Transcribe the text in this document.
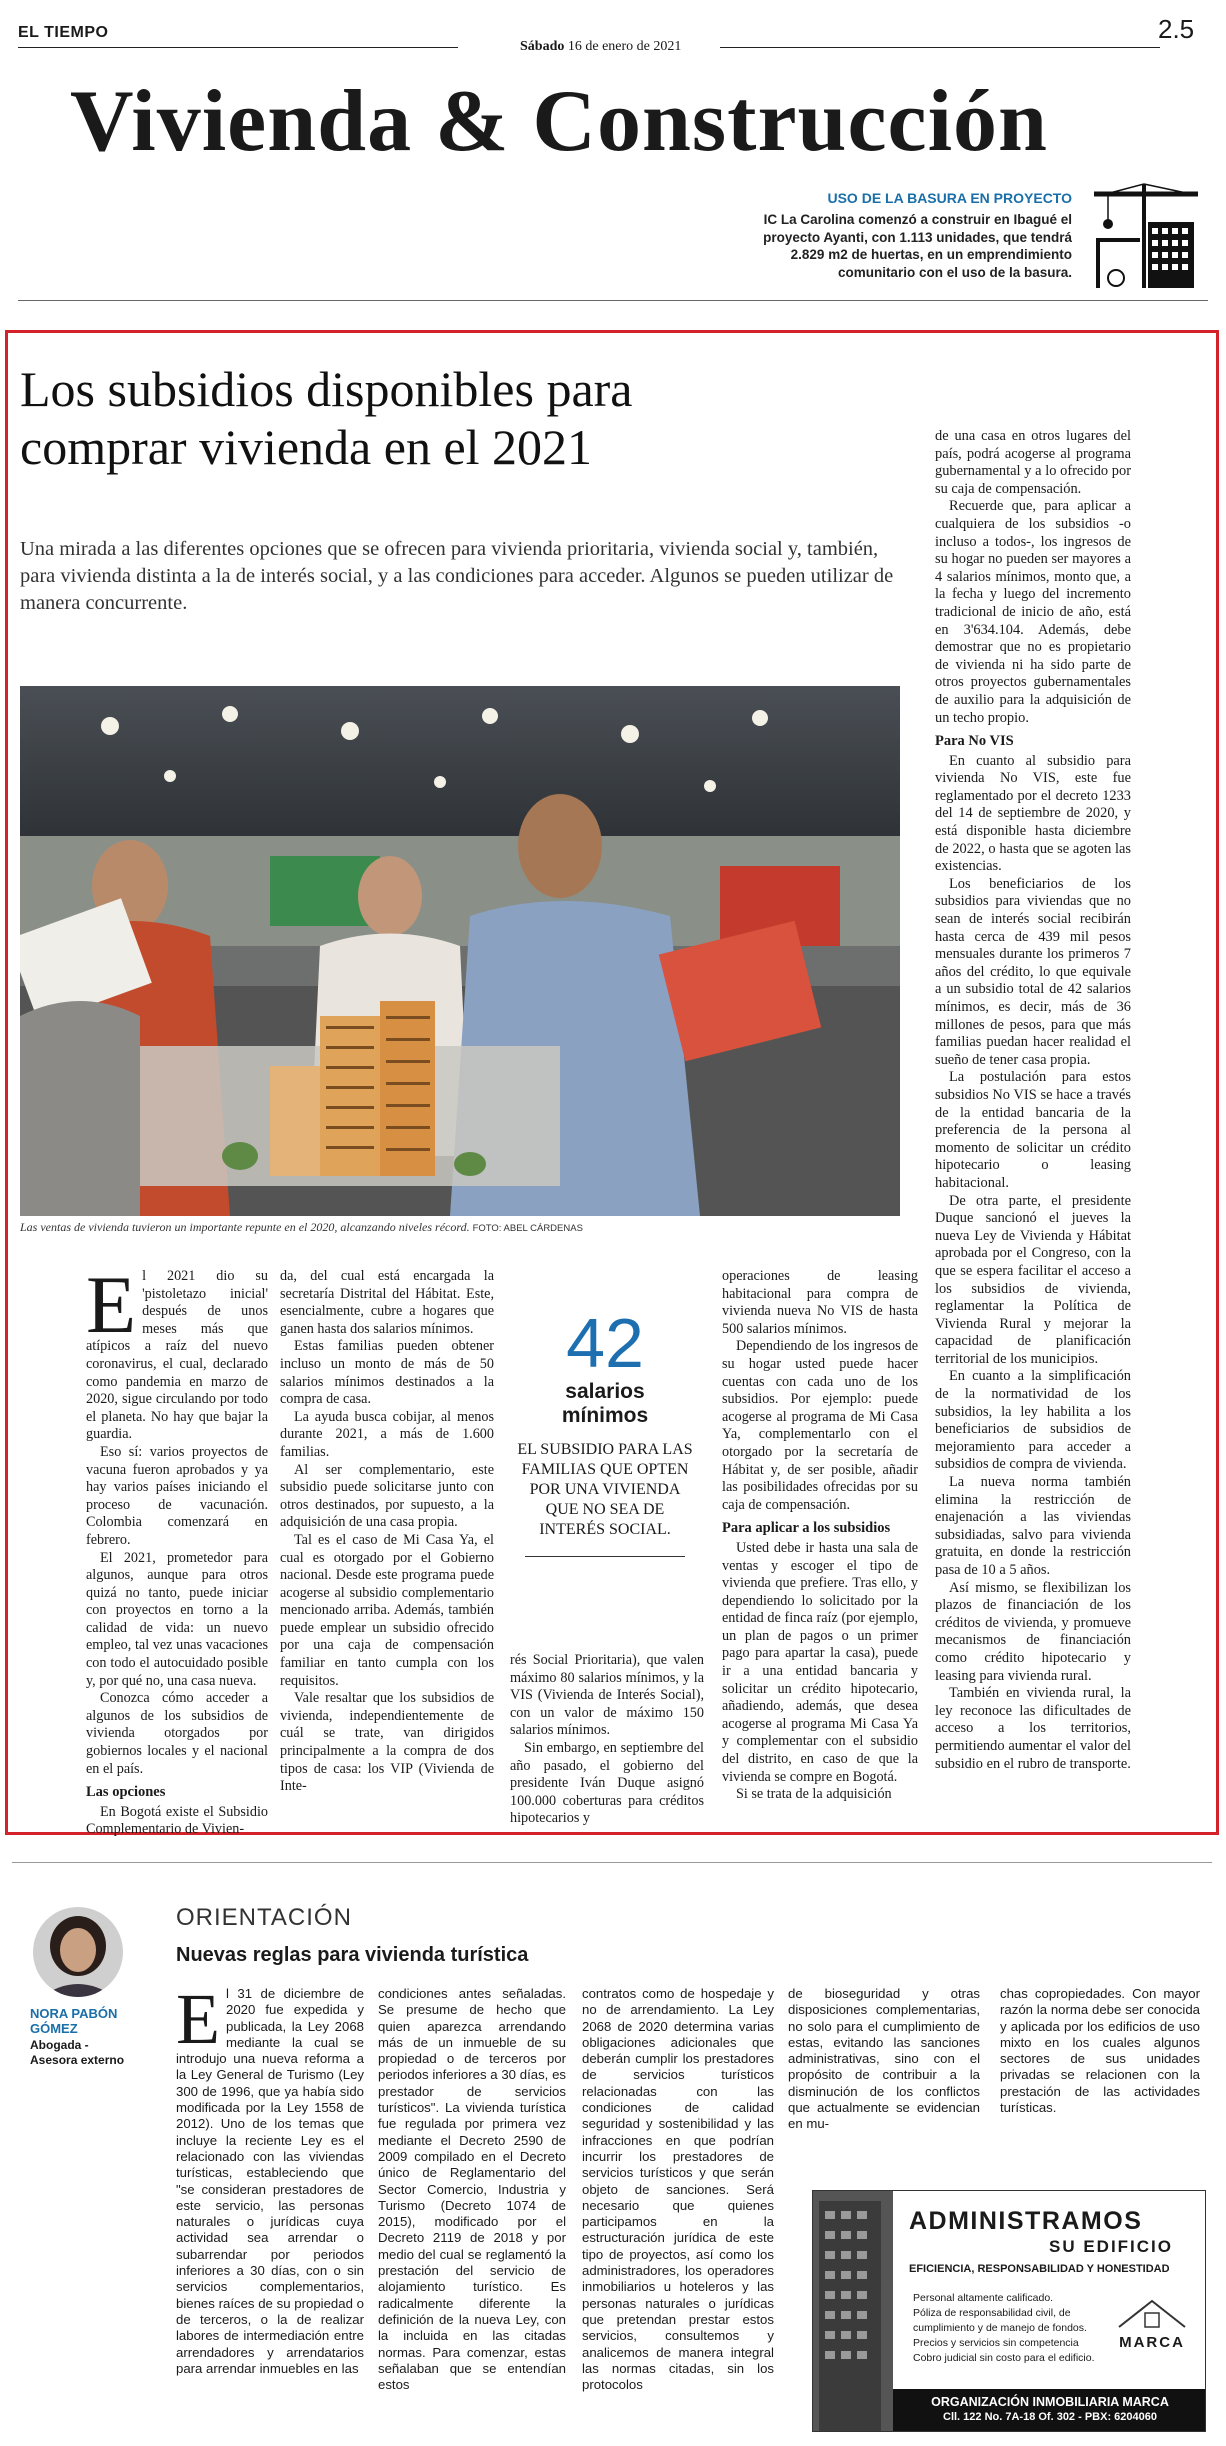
EL TIEMPO
Sábado 16 de enero de 2021
2.5
Vivienda & Construcción
USO DE LA BASURA EN PROYECTO
IC La Carolina comenzó a construir en Ibagué el proyecto Ayanti, con 1.113 unidades, que tendrá 2.829 m2 de huertas, en un emprendimiento comunitario con el uso de la basura.
Los subsidios disponibles para
comprar vivienda en el 2021
Una mirada a las diferentes opciones que se ofrecen para vivienda prioritaria, vivienda social y, también, para vivienda distinta a la de interés social, y a las condiciones para acceder. Algunos se pueden utilizar de manera concurrente.
Las ventas de vivienda tuvieron un importante repunte en el 2020, alcanzando niveles récord. FOTO: ABEL CÁRDENAS

El 2021 dio su 'pistoletazo inicial' después de unos meses más que atípicos a raíz del nuevo coronavirus, el cual, declarado como pandemia en marzo de 2020, sigue circulando por todo el planeta. No hay que bajar la guardia.

Eso sí: varios proyectos de vacuna fueron aprobados y ya hay varios países iniciando el proceso de vacunación. Colombia comenzará en febrero.

El 2021, prometedor para algunos, aunque para otros quizá no tanto, puede iniciar con proyectos en torno a la calidad de vida: un nuevo empleo, tal vez unas vacaciones con todo el autocuidado posible y, por qué no, una casa nueva.

Conozca cómo acceder a algunos de los subsidios de vivienda otorgados por gobiernos locales y el nacional en el país.

Las opciones

En Bogotá existe el Subsidio Complementario de Vivien-

da, del cual está encargada la secretaría Distrital del Hábitat. Este, esencialmente, cubre a hogares que ganen hasta dos salarios mínimos.

Estas familias pueden obtener incluso un monto de más de 50 salarios mínimos destinados a la compra de casa.

La ayuda busca cobijar, al menos durante 2021, a más de 1.600 familias.

Al ser complementario, este subsidio puede solicitarse junto con otros destinados, por supuesto, a la adquisición de una casa propia.

Tal es el caso de Mi Casa Ya, el cual es otorgado por el Gobierno nacional. Desde este programa puede acogerse al subsidio complementario mencionado arriba. Además, también puede emplear un subsidio ofrecido por una caja de compensación familiar en tanto cumpla con los requisitos.

Vale resaltar que los subsidios de vivienda, independientemente de cuál se trate, van dirigidos principalmente a la compra de dos tipos de casa: los VIP (Vivienda de Inte-

42
salarios
mínimos
EL SUBSIDIO PARA LAS FAMILIAS QUE OPTEN POR UNA VIVIENDA QUE NO SEA DE INTERÉS SOCIAL.

rés Social Prioritaria), que valen máximo 80 salarios mínimos, y la VIS (Vivienda de Interés Social), con un valor de máximo 150 salarios mínimos.

Sin embargo, en septiembre del año pasado, el gobierno del presidente Iván Duque asignó 100.000 coberturas para créditos hipotecarios y

operaciones de leasing habitacional para compra de vivienda nueva No VIS de hasta 500 salarios mínimos.

Dependiendo de los ingresos de su hogar usted puede hacer cuentas con cada uno de los subsidios. Por ejemplo: puede acogerse al programa de Mi Casa Ya, complementarlo con el otorgado por la secretaría de Hábitat y, de ser posible, añadir las posibilidades ofrecidas por su caja de compensación.

Para aplicar a los subsidios

Usted debe ir hasta una sala de ventas y escoger el tipo de vivienda que prefiere. Tras ello, y dependiendo lo solicitado por la entidad de finca raíz (por ejemplo, un plan de pagos o un primer pago para apartar la casa), puede ir a una entidad bancaria y solicitar un crédito hipotecario, añadiendo, además, que desea acogerse al programa Mi Casa Ya y complementar con el subsidio del distrito, en caso de que la vivienda se compre en Bogotá.

Si se trata de la adquisición

de una casa en otros lugares del país, podrá acogerse al programa gubernamental y a lo ofrecido por su caja de compensación.

Recuerde que, para aplicar a cualquiera de los subsidios -o incluso a todos-, los ingresos de su hogar no pueden ser mayores a 4 salarios mínimos, monto que, a la fecha y luego del incremento tradicional de inicio de año, está en 3'634.104. Además, debe demostrar que no es propietario de vivienda ni ha sido parte de otros proyectos gubernamentales de auxilio para la adquisición de un techo propio.

Para No VIS

En cuanto al subsidio para vivienda No VIS, este fue reglamentado por el decreto 1233 del 14 de septiembre de 2020, y está disponible hasta diciembre de 2022, o hasta que se agoten las existencias.

Los beneficiarios de los subsidios para viviendas que no sean de interés social recibirán hasta cerca de 439 mil pesos mensuales durante los primeros 7 años del crédito, lo que equivale a un subsidio total de 42 salarios mínimos, es decir, más de 36 millones de pesos, para que más familias puedan hacer realidad el sueño de tener casa propia.

La postulación para estos subsidios No VIS se hace a través de la entidad bancaria de la preferencia de la persona al momento de solicitar un crédito hipotecario o leasing habitacional.

De otra parte, el presidente Duque sancionó el jueves la nueva Ley de Vivienda y Hábitat aprobada por el Congreso, con la que se espera facilitar el acceso a los subsidios de vivienda, reglamentar la Política de Vivienda Rural y mejorar la capacidad de planificación territorial de los municipios.

En cuanto a la simplificación de la normatividad de los subsidios, la ley habilita a los beneficiarios de subsidios de mejoramiento para acceder a subsidios de compra de vivienda.

La nueva norma también elimina la restricción de enajenación a las viviendas subsidiadas, salvo para vivienda gratuita, en donde la restricción pasa de 10 a 5 años.

Así mismo, se flexibilizan los plazos de financiación de los créditos de vivienda, y promueve mecanismos de financiación como crédito hipotecario y leasing para vivienda rural.

También en vivienda rural, la ley reconoce las dificultades de acceso a los territorios, permitiendo aumentar el valor del subsidio en el rubro de transporte.

NORA PABÓN
GÓMEZ
Abogada -
Asesora externo
ORIENTACIÓN
Nuevas reglas para vivienda turística

El 31 de diciembre de 2020 fue expedida y publicada, la Ley 2068 mediante la cual se introdujo una nueva reforma a la Ley General de Turismo (Ley 300 de 1996, que ya había sido modificada por la Ley 1558 de 2012). Uno de los temas que incluye la reciente Ley es el relacionado con las viviendas turísticas, estableciendo que "se consideran prestadores de este servicio, las personas naturales o jurídicas cuya actividad sea arrendar o subarrendar por periodos inferiores a 30 días, con o sin servicios complementarios, bienes raíces de su propiedad o de terceros, o la de realizar labores de intermediación entre arrendadores y arrendatarios para arrendar inmuebles en las

condiciones antes señaladas. Se presume de hecho que quien aparezca arrendando más de un inmueble de su propiedad o de terceros por periodos inferiores a 30 días, es prestador de servicios turísticos". La vivienda turística fue regulada por primera vez mediante el Decreto 2590 de 2009 compilado en el Decreto único de Reglamentario del Sector Comercio, Industria y Turismo (Decreto 1074 de 2015), modificado por el Decreto 2119 de 2018 y por medio del cual se reglamentó la prestación del servicio de alojamiento turístico. Es radicalmente diferente la definición de la nueva Ley, con la incluida en las citadas normas. Para comenzar, estas señalaban que se entendían estos

contratos como de hospedaje y no de arrendamiento. La Ley 2068 de 2020 determina varias obligaciones adicionales que deberán cumplir los prestadores de servicios turísticos relacionadas con las condiciones de calidad seguridad y sostenibilidad y las infracciones en que podrían incurrir los prestadores de servicios turísticos y que serán objeto de sanciones. Será necesario que quienes participamos en la estructuración jurídica de este tipo de proyectos, así como los administradores, los operadores inmobiliarios u hoteleros y las personas naturales o jurídicas que pretendan prestar estos servicios, consultemos y analicemos de manera integral las normas citadas, sin los protocolos

de bioseguridad y otras disposiciones complementarias, no solo para el cumplimiento de estas, evitando las sanciones administrativas, sino con el propósito de contribuir a la disminución de los conflictos que actualmente se evidencian en mu-

chas copropiedades. Con mayor razón la norma debe ser conocida y aplicada por los edificios de uso mixto en los cuales algunos sectores de sus unidades privadas se relacionen con la prestación de las actividades turísticas.

ADMINISTRAMOS
SU EDIFICIO
EFICIENCIA, RESPONSABILIDAD Y HONESTIDAD
Personal altamente calificado.
Póliza de responsabilidad civil, de cumplimiento y de manejo de fondos.
Precios y servicios sin competencia
Cobro judicial sin costo para el edificio.
MARCA
ORGANIZACIÓN INMOBILIARIA MARCA
Cll. 122 No. 7A-18 Of. 302 - PBX: 6204060
